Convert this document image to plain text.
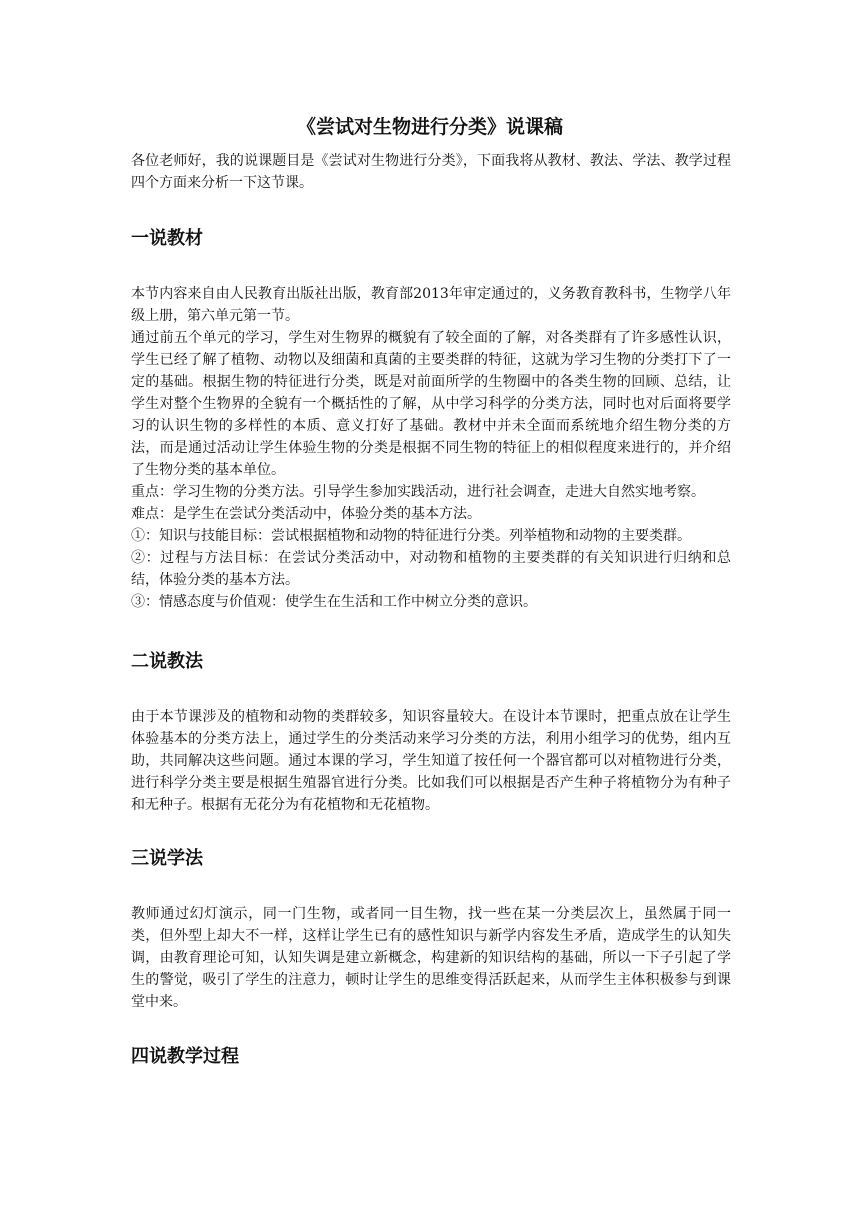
《尝试对生物进行分类》说课稿

各位老师好，我的说课题目是《尝试对生物进行分类》，下面我将从教材、教法、学法、教学过程四个方面来分析一下这节课。

一说教材
本节内容来自由人民教育出版社出版，教育部2013年审定通过的，义务教育教科书，生物学八年级上册，第六单元第一节。
通过前五个单元的学习，学生对生物界的概貌有了较全面的了解，对各类群有了许多感性认识，学生已经了解了植物、动物以及细菌和真菌的主要类群的特征，这就为学习生物的分类打下了一定的基础。根据生物的特征进行分类，既是对前面所学的生物圈中的各类生物的回顾、总结，让学生对整个生物界的全貌有一个概括性的了解，从中学习科学的分类方法，同时也对后面将要学习的认识生物的多样性的本质、意义打好了基础。教材中并未全面而系统地介绍生物分类的方法，而是通过活动让学生体验生物的分类是根据不同生物的特征上的相似程度来进行的，并介绍了生物分类的基本单位。
重点：学习生物的分类方法。引导学生参加实践活动，进行社会调查，走进大自然实地考察。
难点：是学生在尝试分类活动中，体验分类的基本方法。
①：知识与技能目标：尝试根据植物和动物的特征进行分类。列举植物和动物的主要类群。
②：过程与方法目标：在尝试分类活动中，对动物和植物的主要类群的有关知识进行归纳和总结，体验分类的基本方法。
③：情感态度与价值观：使学生在生活和工作中树立分类的意识。
二说教法
由于本节课涉及的植物和动物的类群较多，知识容量较大。在设计本节课时，把重点放在让学生体验基本的分类方法上，通过学生的分类活动来学习分类的方法，利用小组学习的优势，组内互助，共同解决这些问题。通过本课的学习，学生知道了按任何一个器官都可以对植物进行分类，进行科学分类主要是根据生殖器官进行分类。比如我们可以根据是否产生种子将植物分为有种子和无种子。根据有无花分为有花植物和无花植物。
三说学法
教师通过幻灯演示，同一门生物，或者同一目生物，找一些在某一分类层次上，虽然属于同一类，但外型上却大不一样，这样让学生已有的感性知识与新学内容发生矛盾，造成学生的认知失调，由教育理论可知，认知失调是建立新概念，构建新的知识结构的基础，所以一下子引起了学生的警觉，吸引了学生的注意力，顿时让学生的思维变得活跃起来，从而学生主体积极参与到课堂中来。
四说教学过程
